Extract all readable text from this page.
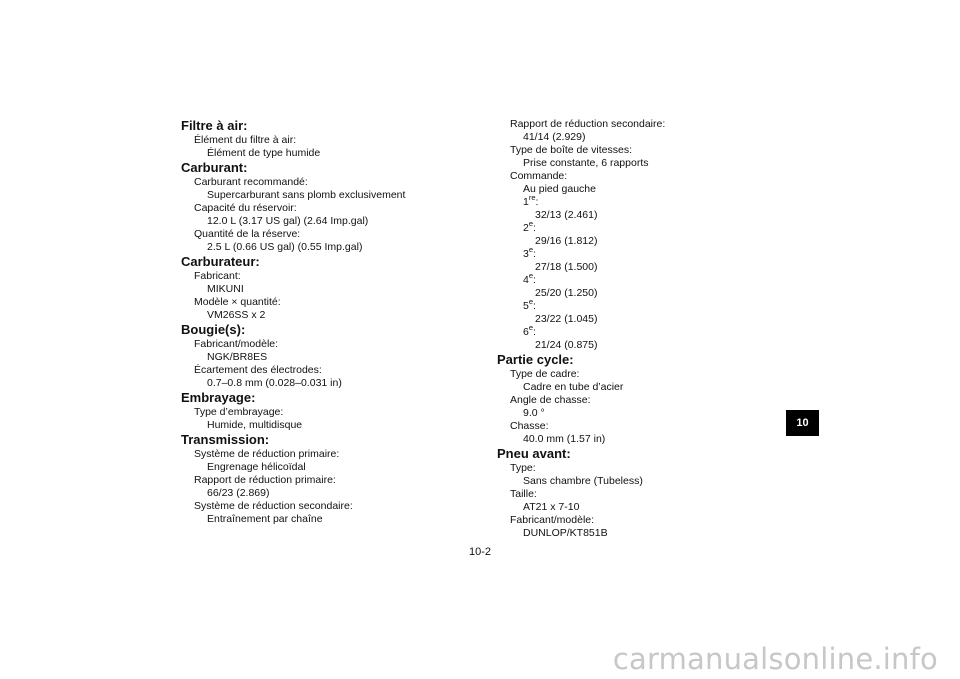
Filtre à air:
Élément du filtre à air:
Élément de type humide
Carburant:
Carburant recommandé:
Supercarburant sans plomb exclusivement
Capacité du réservoir:
12.0 L (3.17 US gal) (2.64 Imp.gal)
Quantité de la réserve:
2.5 L (0.66 US gal) (0.55 Imp.gal)
Carburateur:
Fabricant:
MIKUNI
Modèle × quantité:
VM26SS x 2
Bougie(s):
Fabricant/modèle:
NGK/BR8ES
Écartement des électrodes:
0.7–0.8 mm (0.028–0.031 in)
Embrayage:
Type d’embrayage:
Humide, multidisque
Transmission:
Système de réduction primaire:
Engrenage hélicoïdal
Rapport de réduction primaire:
66/23 (2.869)
Système de réduction secondaire:
Entraînement par chaîne
Rapport de réduction secondaire:
41/14 (2.929)
Type de boîte de vitesses:
Prise constante, 6 rapports
Commande:
Au pied gauche
1re:
32/13 (2.461)
2e:
29/16 (1.812)
3e:
27/18 (1.500)
4e:
25/20 (1.250)
5e:
23/22 (1.045)
6e:
21/24 (0.875)
Partie cycle:
Type de cadre:
Cadre en tube d’acier
Angle de chasse:
9.0 °
Chasse:
40.0 mm (1.57 in)
Pneu avant:
Type:
Sans chambre (Tubeless)
Taille:
AT21 x 7-10
Fabricant/modèle:
DUNLOP/KT851B
10
10-2
carmanualsonline.info
